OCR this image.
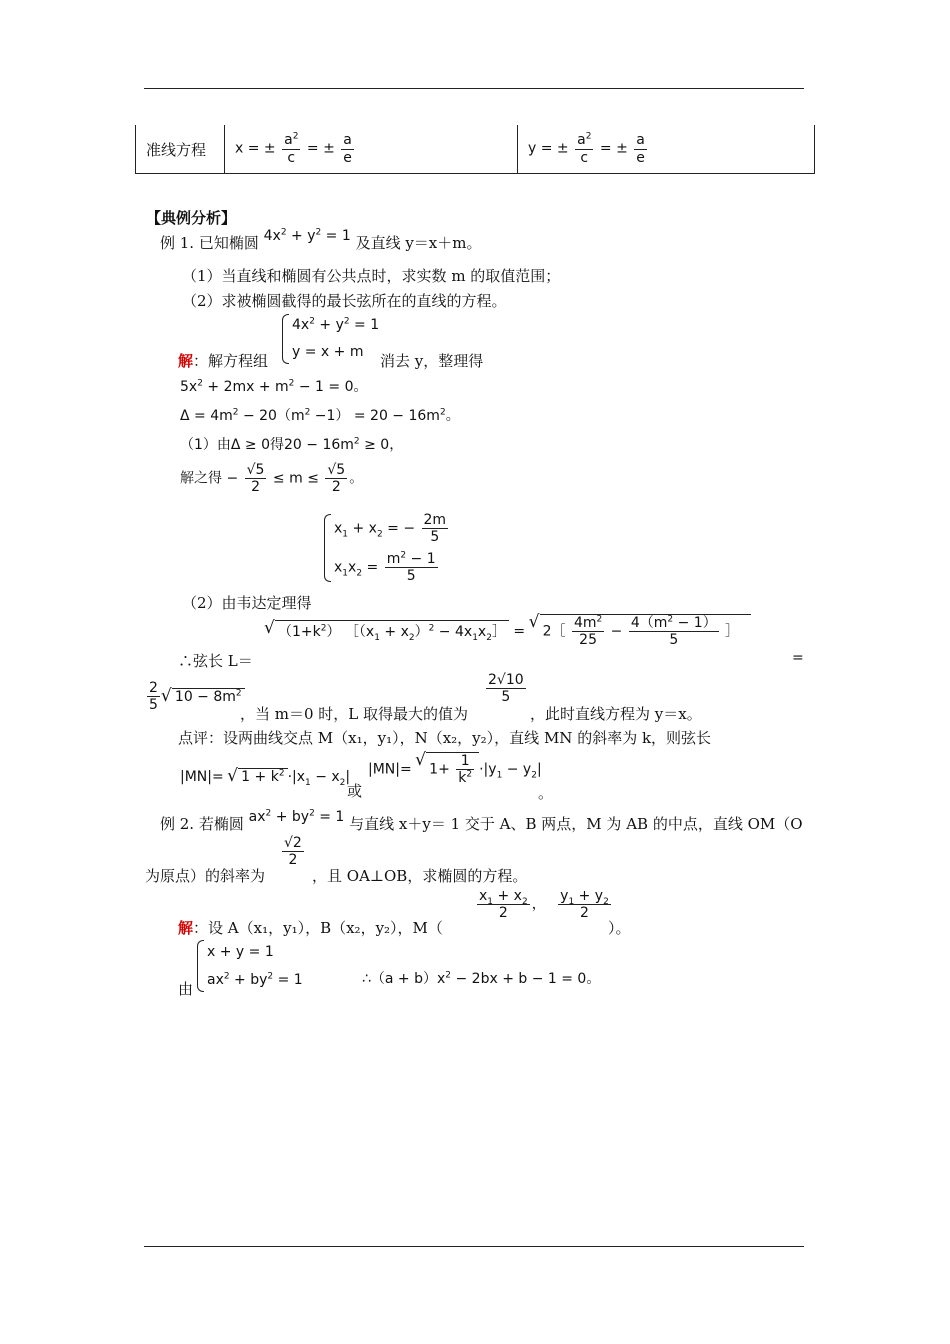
准线方程	x = ± $\frac{a^2}{c}$ = ± $\frac{a}{e}$	y = ± $\frac{a^2}{c}$ = ± $\frac{a}{e}$
【典例分析】
例 1. 已知椭圆 $4x^2 + y^2 = 1$ 及直线 y＝x＋m。
（1）当直线和椭圆有公共点时，求实数 m 的取值范围；
（2）求被椭圆截得的最长弦所在的直线的方程。
解：解方程组
$4x^2 + y^2 = 1$
y = x + m	消去 y，整理得
$5x^2 + 2mx + m^2 - 1 = 0$。
$\Delta = 4m^2 - 20(m^2 -1) = 20 - 16m^2$。
（1）由Δ ≥ 0得$20 - 16m^2 \ge 0$，
解之得 − $\frac{√5}{2} \le m \le \frac{√5}{2}$ 。
$x_1 + x_2$ = − $\frac{2m}{5}$
$x_1x_2 = \frac{m^2 - 1}{5}$
（2）由韦达定理得
∴弦长 L＝
√ $(1+k^2)$ $[(x_1 + x_2)^2$ − $4x_1x_2]$ = √ 2［ $\frac{4m^2}{25} - \frac{4(m^2 - 1)}{5}$ ］
=
$\frac{2}{5}$
√ $10 - 8m^2$
，当 m＝0 时，L 取得最大的值为
$\frac{2√10}{5}$
，此时直线方程为 y＝x。
点评：设两曲线交点 M（x₁，y₁），N（x₂，y₂），直线 MN 的斜率为 k，则弦长
|MN|= √ $1 + k^2 \cdot|x_1 - x_2|$
或
|MN|= √ $1+ \frac{1}{k^2} \cdot|y_1 - y_2|$
。
例 2. 若椭圆 $ax^2 + by^2 = 1$ 与直线 x＋y＝ 1 交于 A、B 两点，M 为 AB 的中点，直线 OM（O
为原点）的斜率为
$\frac{√2}{2}$
，且 OA⊥OB，求椭圆的方程。
解：设 A（x₁，y₁），B（x₂，y₂），M（
$\frac{x_1 + x_2}{2}$ ， $\frac{y_1 + y_2}{2}$
）。
由
x + y = 1
$ax^2 + by^2 = 1$	∴（a + $b)x^2 - 2bx + b - 1 = 0$。
